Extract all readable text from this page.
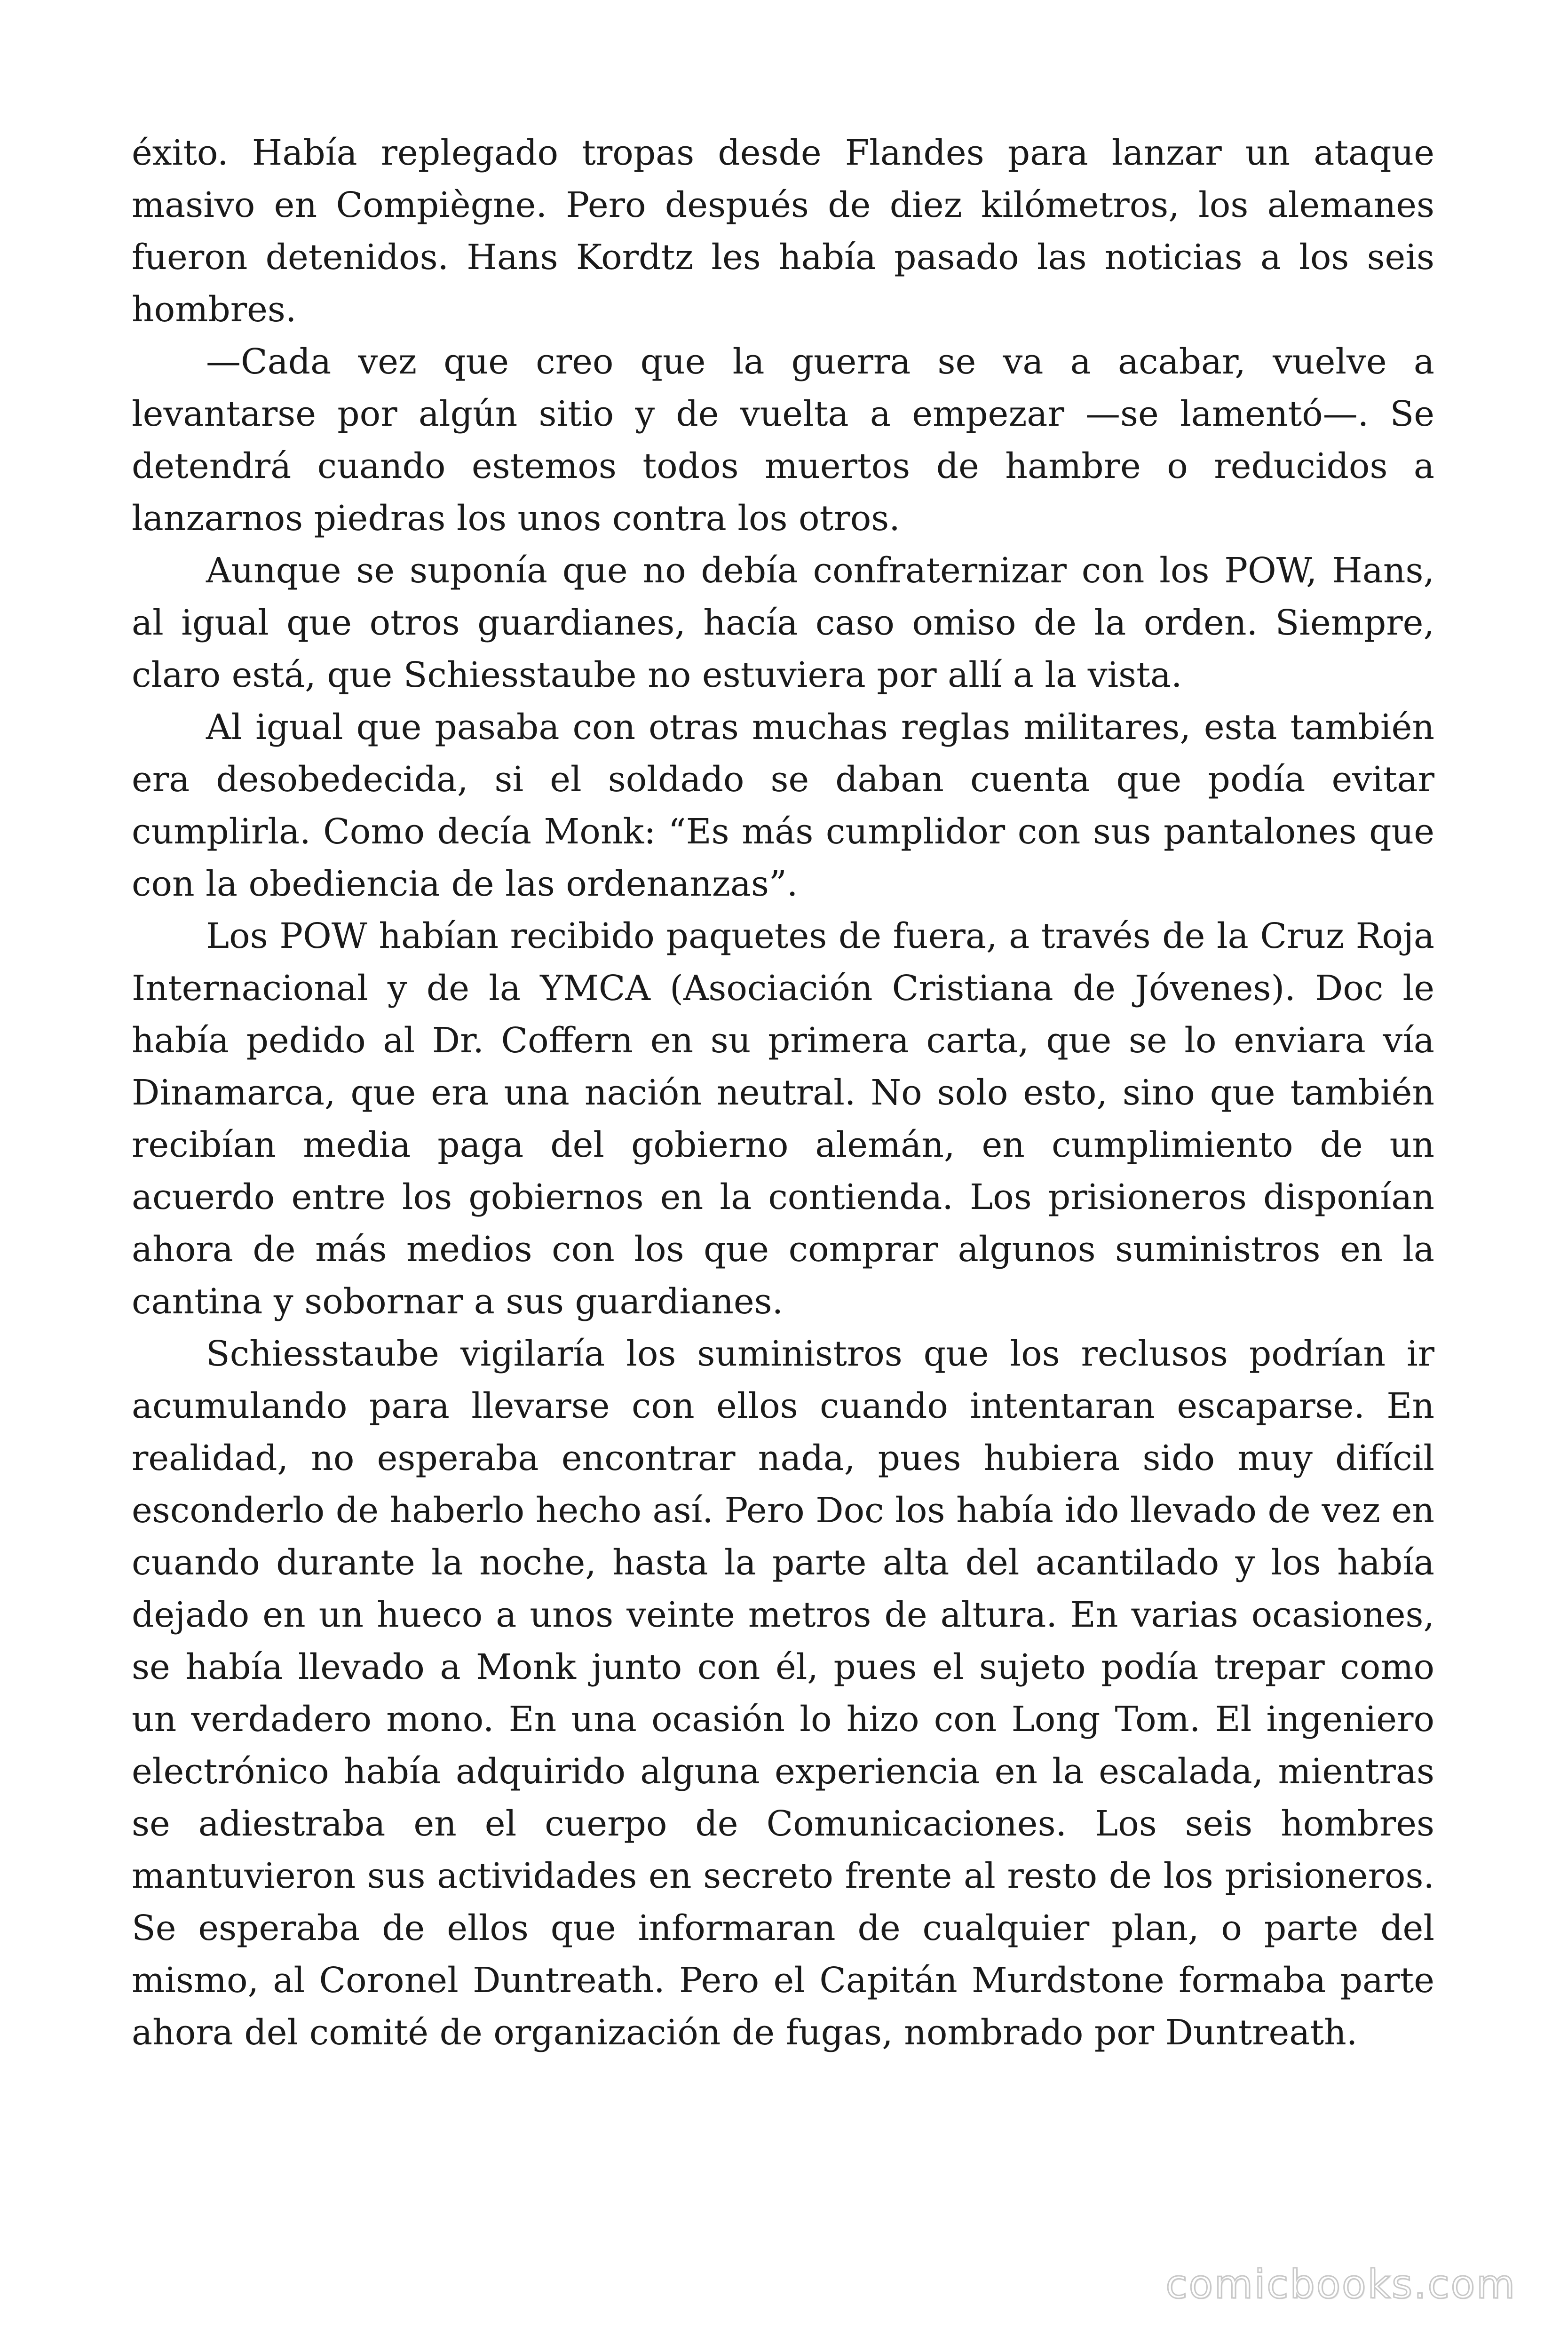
éxito. Había replegado tropas desde Flandes para lanzar un ataque masivo en Compiègne. Pero después de diez kilómetros, los alemanes fueron detenidos. Hans Kordtz les había pasado las noticias a los seis hombres.

—Cada vez que creo que la guerra se va a acabar, vuelve a levantarse por algún sitio y de vuelta a empezar —se lamentó—. Se detendrá cuando estemos todos muertos de hambre o reducidos a lanzarnos piedras los unos contra los otros.

Aunque se suponía que no debía confraternizar con los POW, Hans, al igual que otros guardianes, hacía caso omiso de la orden. Siempre, claro está, que Schiesstaube no estuviera por allí a la vista.

Al igual que pasaba con otras muchas reglas militares, esta también era desobedecida, si el soldado se daban cuenta que podía evitar cumplirla. Como decía Monk: “Es más cumplidor con sus pantalones que con la obediencia de las ordenanzas”.

Los POW habían recibido paquetes de fuera, a través de la Cruz Roja Internacional y de la YMCA (Asociación Cristiana de Jóvenes). Doc le había pedido al Dr. Coffern en su primera carta, que se lo enviara vía Dinamarca, que era una nación neutral. No solo esto, sino que también recibían media paga del gobierno alemán, en cumplimiento de un acuerdo entre los gobiernos en la contienda. Los prisioneros disponían ahora de más medios con los que comprar algunos suministros en la cantina y sobornar a sus guardianes.

Schiesstaube vigilaría los suministros que los reclusos podrían ir acumulando para llevarse con ellos cuando intentaran escaparse. En realidad, no esperaba encontrar nada, pues hubiera sido muy difícil esconderlo de haberlo hecho así. Pero Doc los había ido llevado de vez en cuando durante la noche, hasta la parte alta del acantilado y los había dejado en un hueco a unos veinte metros de altura. En varias ocasiones, se había llevado a Monk junto con él, pues el sujeto podía trepar como un verdadero mono. En una ocasión lo hizo con Long Tom. El ingeniero electrónico había adquirido alguna experiencia en la escalada, mientras se adiestraba en el cuerpo de Comunicaciones. Los seis hombres mantuvieron sus actividades en secreto frente al resto de los prisioneros. Se esperaba de ellos que informaran de cualquier plan, o parte del mismo, al Coronel Duntreath. Pero el Capitán Murdstone formaba parte ahora del comité de organización de fugas, nombrado por Duntreath.

comicbooks.com
